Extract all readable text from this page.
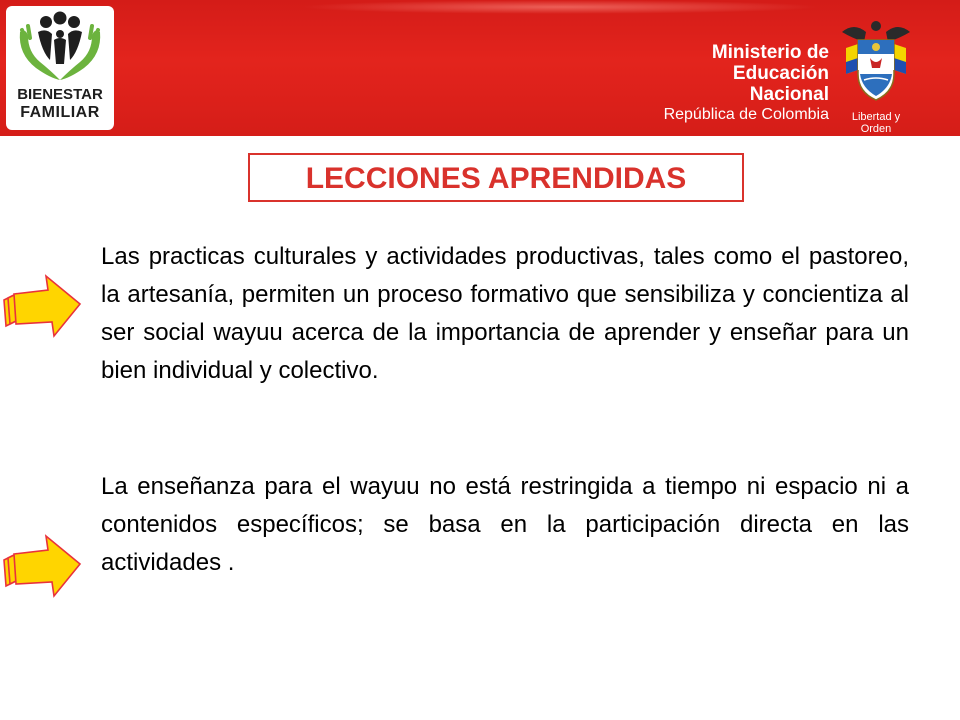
BIENESTAR
FAMILIAR
Ministerio de
Educación Nacional
República de Colombia	Libertad y Orden
LECCIONES APRENDIDAS
Las practicas culturales y actividades productivas, tales como el pastoreo, la artesanía, permiten un proceso formativo que sensibiliza y concientiza al ser social wayuu acerca de la importancia de aprender y enseñar para un bien individual y colectivo.
La enseñanza para el wayuu no está restringida a tiempo ni espacio ni a contenidos específicos; se basa en la participación directa en las actividades .
